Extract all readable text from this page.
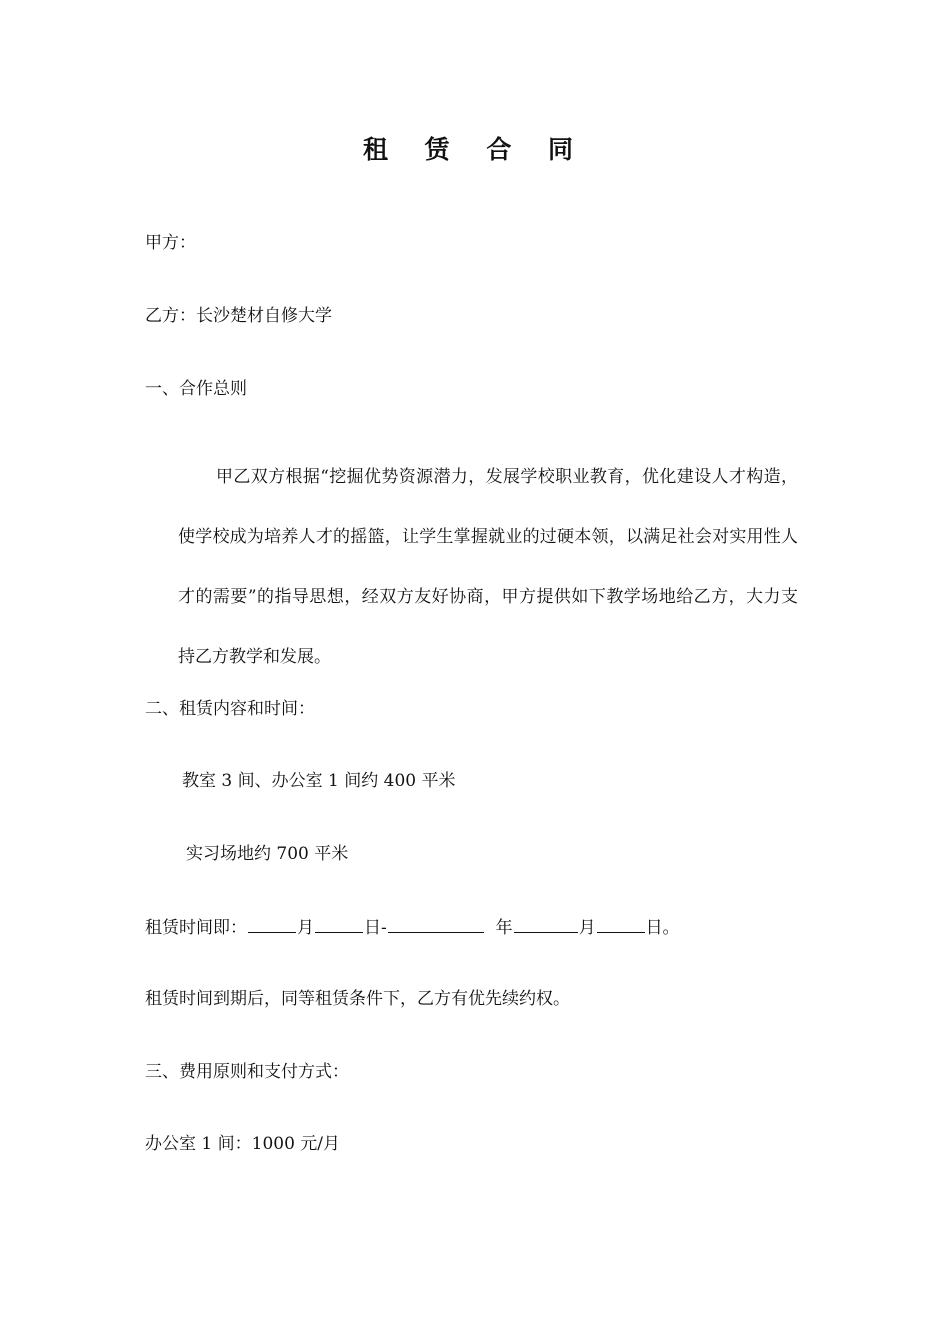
租 赁 合 同
甲方：
乙方：长沙楚材自修大学
一、合作总则
甲乙双方根据“挖掘优势资源潜力，发展学校职业教育，优化建设人才构造，使学校成为培养人才的摇篮，让学生掌握就业的过硬本领，以满足社会对实用性人才的需要”的指导思想，经双方友好协商，甲方提供如下教学场地给乙方，大力支持乙方教学和发展。
二、租赁内容和时间：
教室 3 间、办公室 1 间约 400 平米
实习场地约 700 平米
租赁时间即：	月	日-	年	月	日。
租赁时间到期后，同等租赁条件下，乙方有优先续约权。
三、费用原则和支付方式：
办公室 1 间：1000 元/月
